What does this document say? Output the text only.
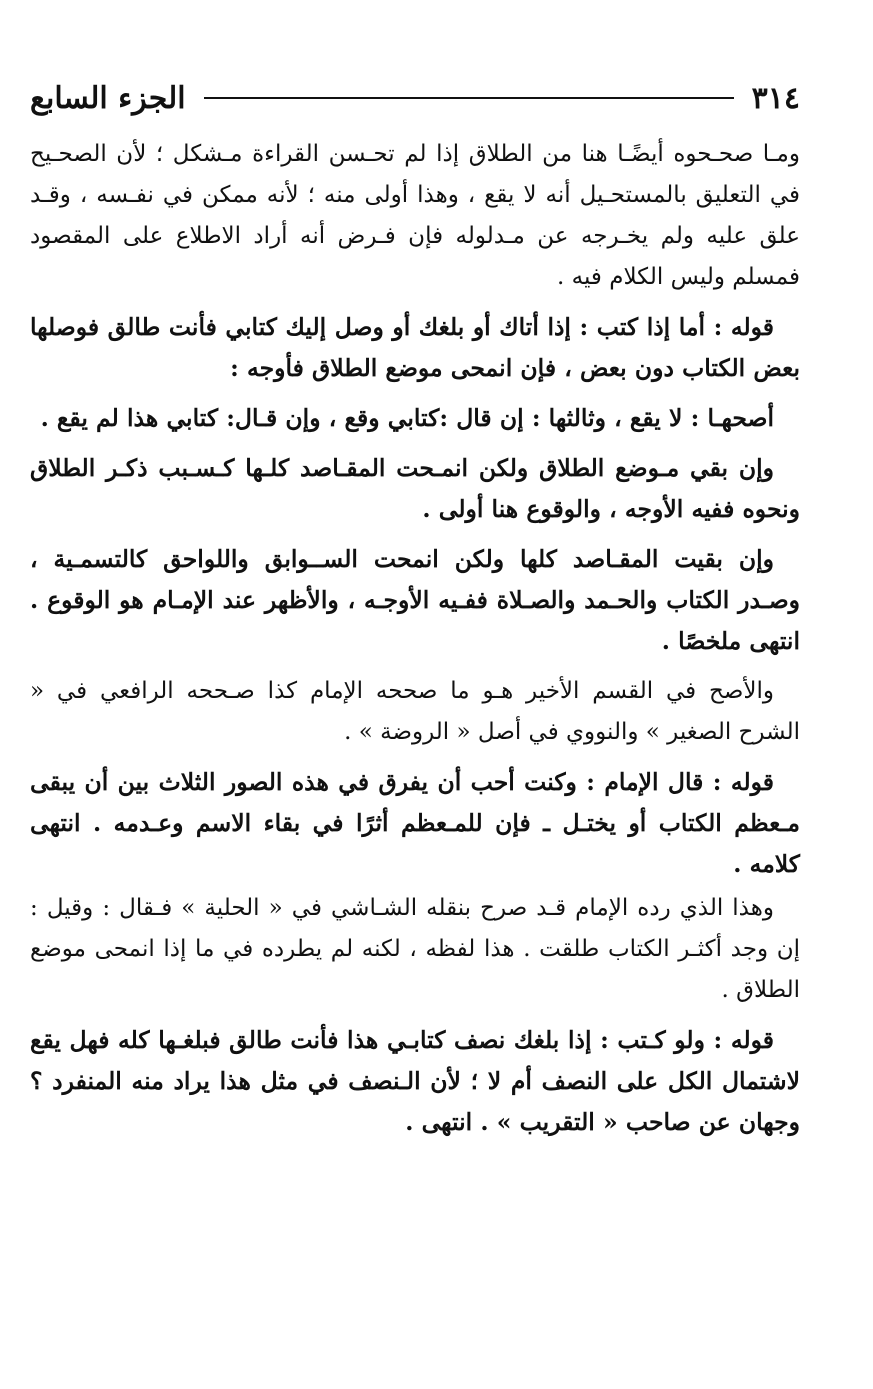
٣١٤
الجزء السابع

ومـا صحـحوه أيضًـا هنا من الطلاق إذا لم تحـسن القراءة مـشكل ؛ لأن الصحـيح في التعليق بالمستحـيل أنه لا يقع ، وهذا أولى منه ؛ لأنه ممكن في نفـسه ، وقـد علق عليه ولم يخـرجه عن مـدلوله فإن فـرض أنه أراد الاطلاع على المقصود فمسلم وليس الكلام فيه .

قوله : أما إذا كتب : إذا أتاك أو بلغك أو وصل إليك كتابي فأنت طالق فوصلها بعض الكتاب دون بعض ، فإن انمحى موضع الطلاق فأوجه :

أصحهـا : لا يقع ، وثالثها : إن قال :كتابي وقع ، وإن قـال: كتابي هذا لم يقع .

وإن بقي مـوضع الطلاق ولكن انمـحت المقـاصد كلـها كـسـبب ذكـر الطلاق ونحوه ففيه الأوجه ، والوقوع هنا أولى .

وإن بقيت المقـاصد كلها ولكن انمحت الســوابق واللواحق كالتسمـية ، وصـدر الكتاب والحـمد والصـلاة ففـيه الأوجـه ، والأظهر عند الإمـام هو الوقوع . انتهى ملخصًا .

والأصح في القسم الأخير هـو ما صححه الإمام كذا صـححه الرافعي في « الشرح الصغير » والنووي في أصل « الروضة » .

قوله : قال الإمام : وكنت أحب أن يفرق في هذه الصور الثلاث بين أن يبقى مـعظم الكتاب أو يختـل ـ فإن للمـعظم أثرًا في بقاء الاسم وعـدمه . انتهى كلامه .

وهذا الذي رده الإمام قـد صرح بنقله الشـاشي في « الحلية » فـقال : وقيل : إن وجد أكثـر الكتاب طلقت . هذا لفظه ، لكنه لم يطرده في ما إذا انمحى موضع الطلاق .

قوله : ولو كـتب : إذا بلغك نصف كتابـي هذا فأنت طالق فبلغـها كله فهل يقع لاشتمال الكل على النصف أم لا ؛ لأن الـنصف في مثل هذا يراد منه المنفرد ؟ وجهان عن صاحب « التقريب » . انتهى .
